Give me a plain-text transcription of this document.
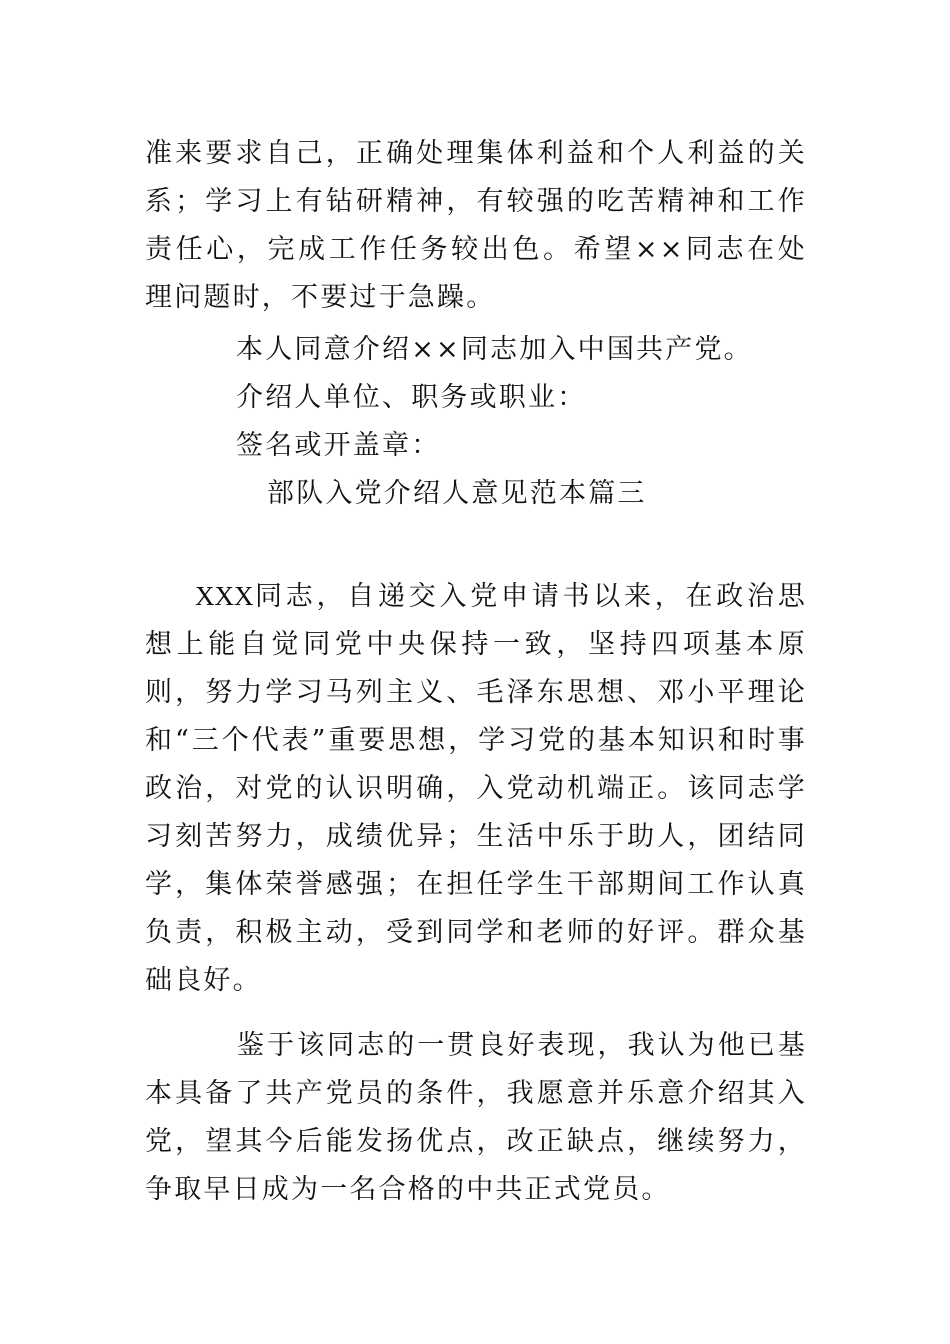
准来要求自己，正确处理集体利益和个人利益的关系；学习上有钻研精神，有较强的吃苦精神和工作责任心，完成工作任务较出色。希望××同志在处理问题时，不要过于急躁。

本人同意介绍××同志加入中国共产党。

介绍人单位、职务或职业：

签名或开盖章：

部队入党介绍人意见范本篇三

XXX同志，自递交入党申请书以来，在政治思想上能自觉同党中央保持一致，坚持四项基本原则，努力学习马列主义、毛泽东思想、邓小平理论和“三个代表”重要思想，学习党的基本知识和时事政治，对党的认识明确，入党动机端正。该同志学习刻苦努力，成绩优异；生活中乐于助人，团结同学，集体荣誉感强；在担任学生干部期间工作认真负责，积极主动，受到同学和老师的好评。群众基础良好。

鉴于该同志的一贯良好表现，我认为他已基本具备了共产党员的条件，我愿意并乐意介绍其入党，望其今后能发扬优点，改正缺点，继续努力，争取早日成为一名合格的中共正式党员。
